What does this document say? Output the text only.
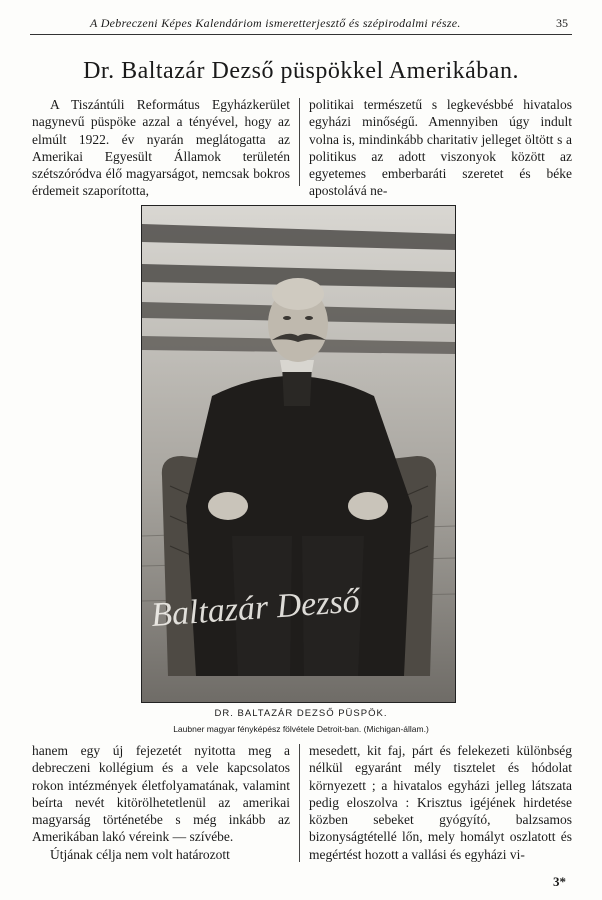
A Debreczeni Képes Kalendáriom ismeretterjesztő és szépirodalmi része.	35
Dr. Baltazár Dezső püspökkel Amerikában.

A Tiszántúli Református Egyházkerület nagynevű püspöke azzal a tényével, hogy az elmúlt 1922. év nyarán meglátogatta az Amerikai Egyesült Államok területén szétszóródva élő magyarságot, nemcsak bokros érdemeit szaporította,

politikai természetű s legkevésbbé hivatalos egyházi minőségű. Amennyiben úgy indult volna is, mindinkább charitativ jelleget öltött s a politikus az adott viszonyok között az egyetemes emberbaráti szeretet és béke apostolává ne-

Baltazár Dezső
DR. BALTAZÁR DEZSŐ PÜSPÖK.
Laubner magyar fényképész fölvétele Detroit-ban. (Michigan-állam.)
hanem egy új fejezetét nyitotta meg a debreczeni kollégium és a vele kapcsolatos rokon intézmények életfolyamatának, valamint beírta nevét kitörölhetetlenül az amerikai magyarság történetébe s még inkább az Amerikában lakó véreink — szívébe.
Útjának célja nem volt határozott

mesedett, kit faj, párt és felekezeti különbség nélkül egyaránt mély tisztelet és hódolat környezett ; a hivatalos egyházi jelleg látszata pedig eloszolva : Krisztus igéjének hirdetése közben sebeket gyógyító, balzsamos bizonyságtétellé lőn, mely homályt oszlatott és megértést hozott a vallási és egyházi vi-

3*
